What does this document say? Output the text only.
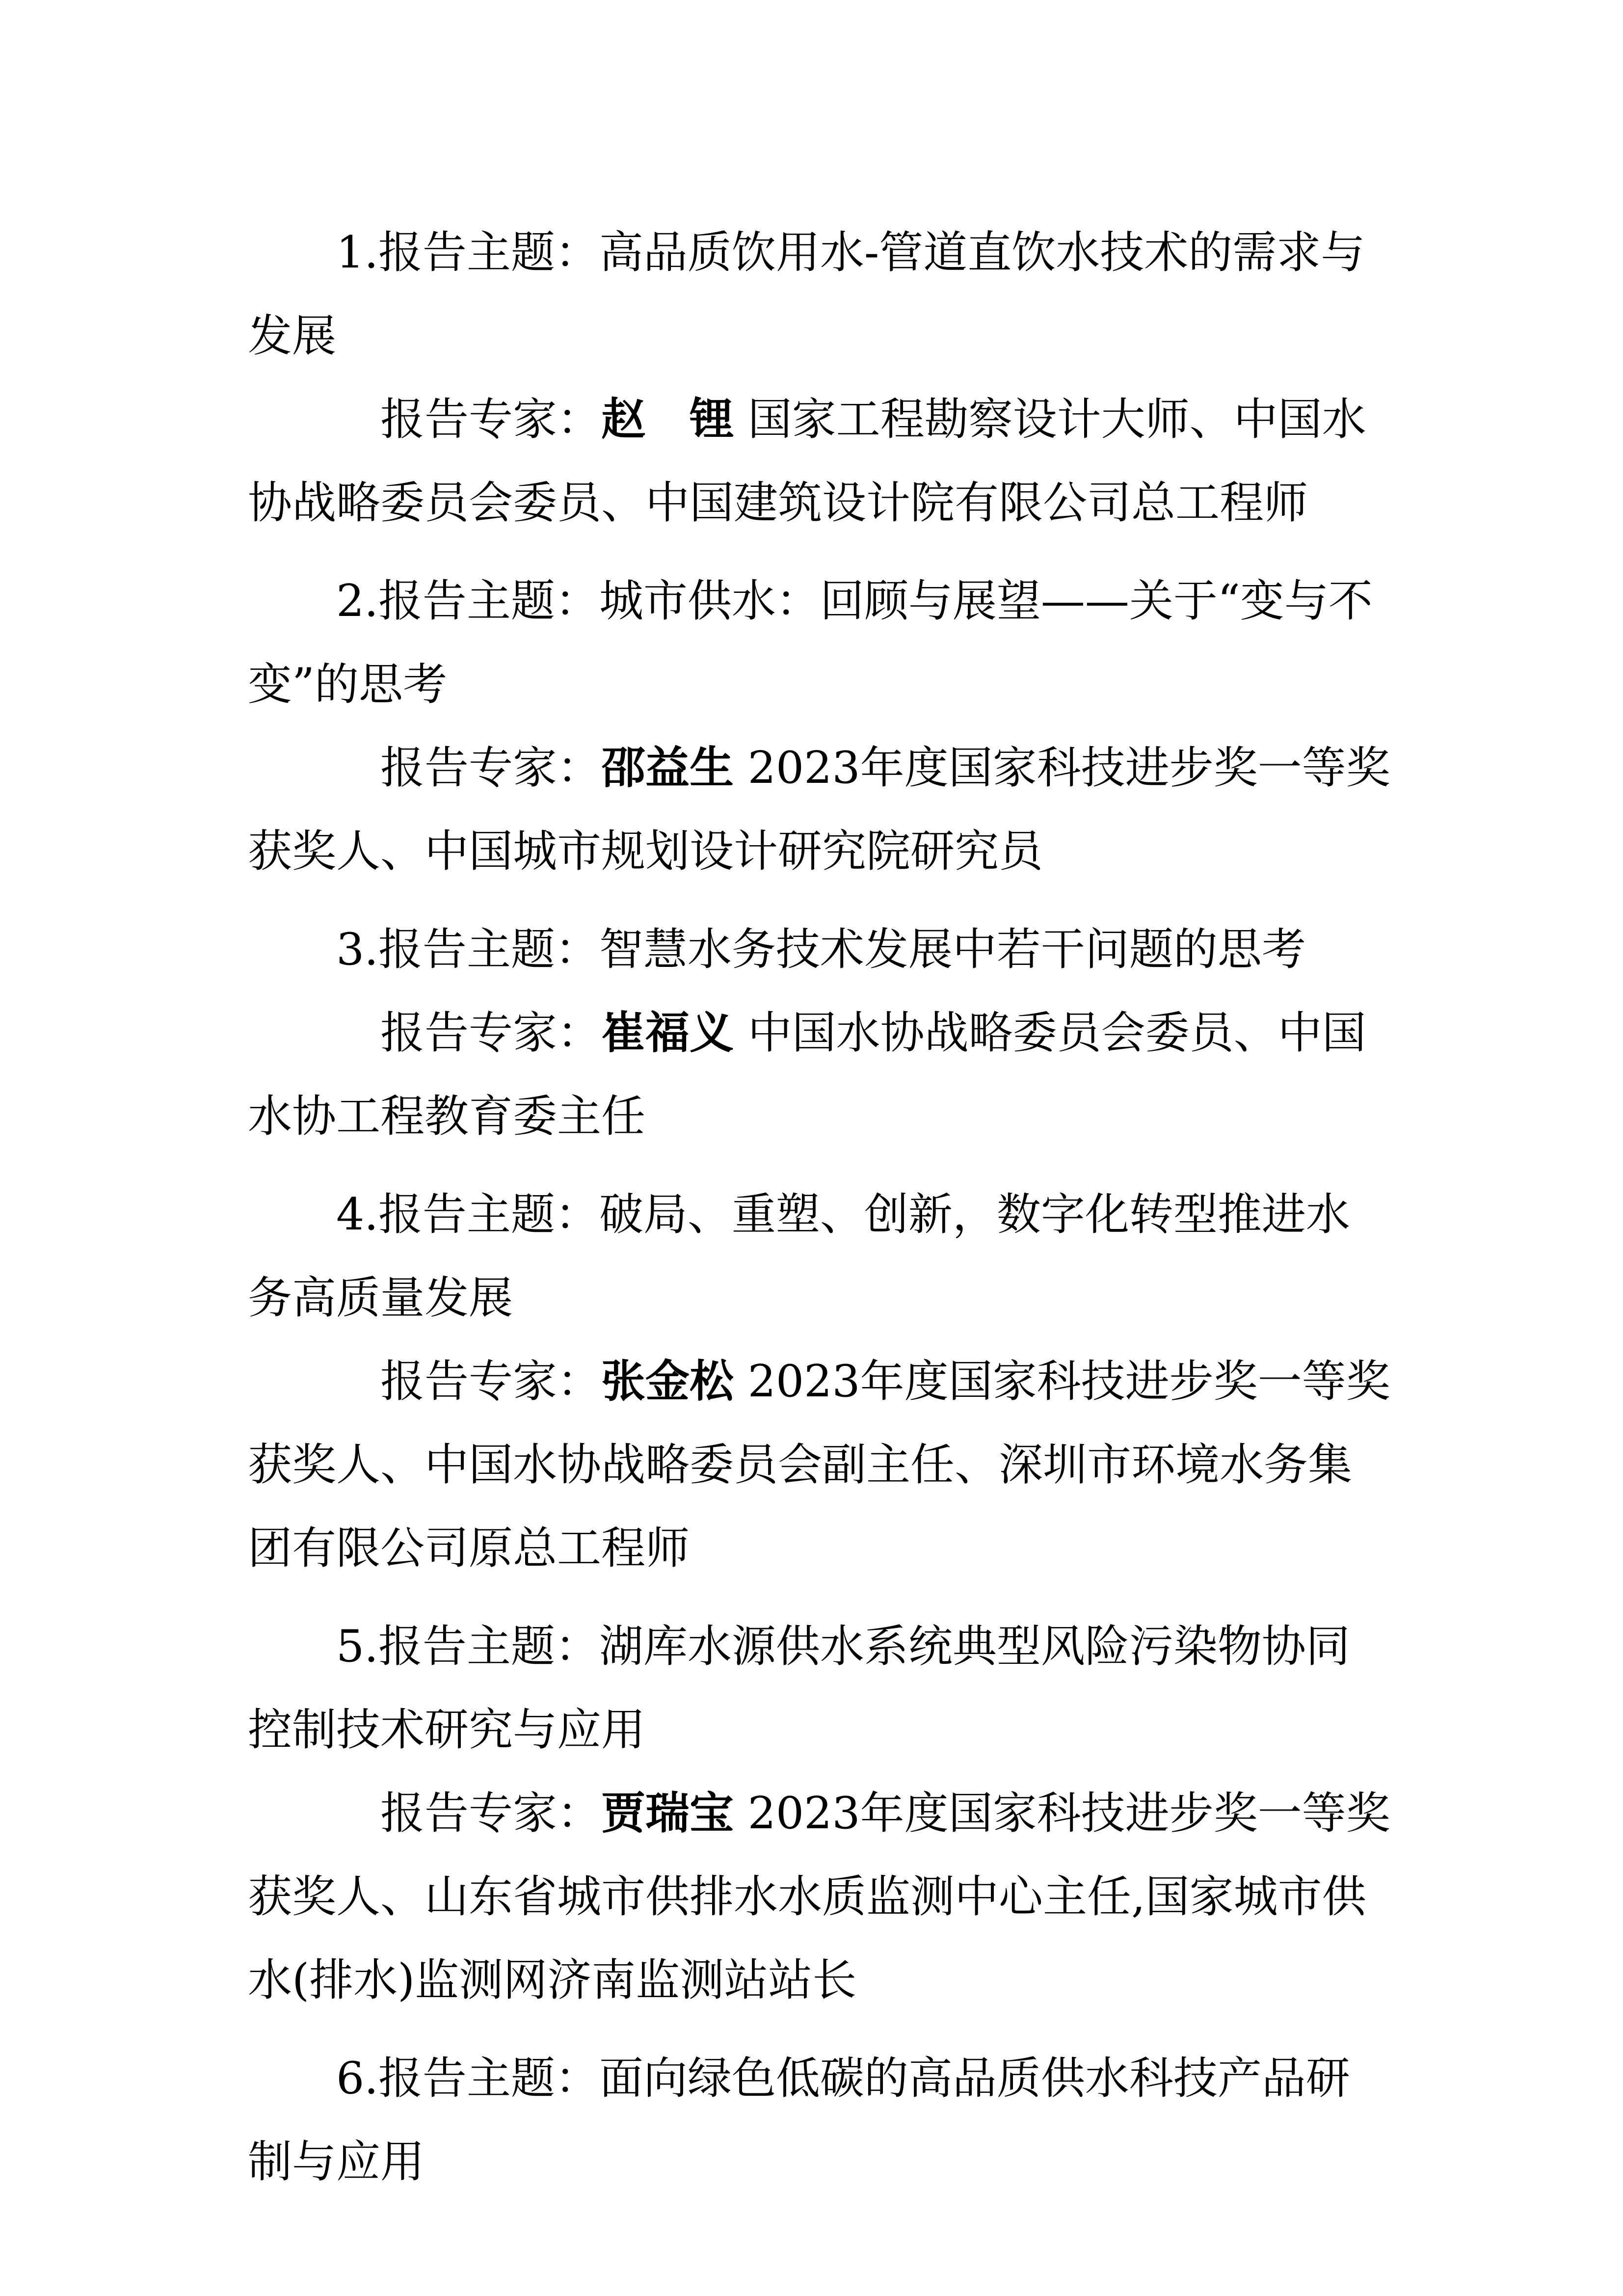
1.报告主题：高品质饮用水-管道直饮水技术的需求与发展

报告专家：赵　锂 国家工程勘察设计大师、中国水协战略委员会委员、中国建筑设计院有限公司总工程师

2.报告主题：城市供水：回顾与展望——关于“变与不变”的思考

报告专家：邵益生 2023年度国家科技进步奖一等奖获奖人、中国城市规划设计研究院研究员

3.报告主题：智慧水务技术发展中若干问题的思考

报告专家：崔福义 中国水协战略委员会委员、中国水协工程教育委主任

4.报告主题：破局、重塑、创新，数字化转型推进水务高质量发展

报告专家：张金松 2023年度国家科技进步奖一等奖获奖人、中国水协战略委员会副主任、深圳市环境水务集团有限公司原总工程师

5.报告主题：湖库水源供水系统典型风险污染物协同控制技术研究与应用

报告专家：贾瑞宝 2023年度国家科技进步奖一等奖获奖人、山东省城市供排水水质监测中心主任,国家城市供水(排水)监测网济南监测站站长

6.报告主题：面向绿色低碳的高品质供水科技产品研制与应用
